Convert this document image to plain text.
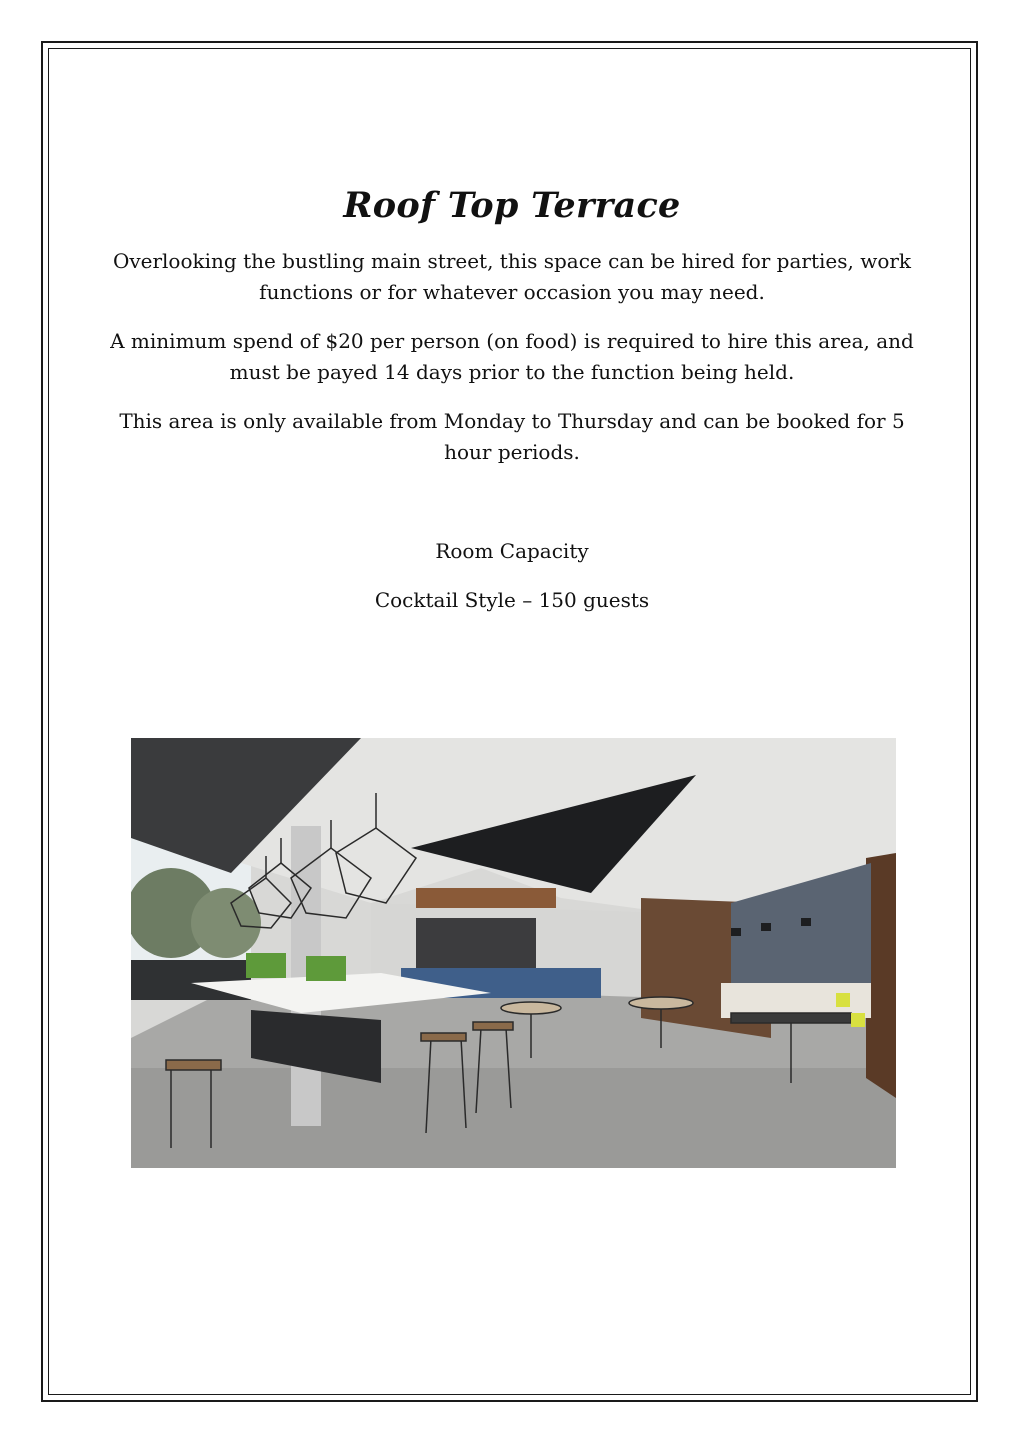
Roof Top Terrace

Overlooking the bustling main street, this space can be hired for parties, work functions or for whatever occasion you may need.

A minimum spend of $20 per person (on food) is required to hire this area, and must be payed 14 days prior to the function being held.

This area is only available from Monday to Thursday and can be booked for 5 hour periods.

Room Capacity

Cocktail Style – 150 guests
